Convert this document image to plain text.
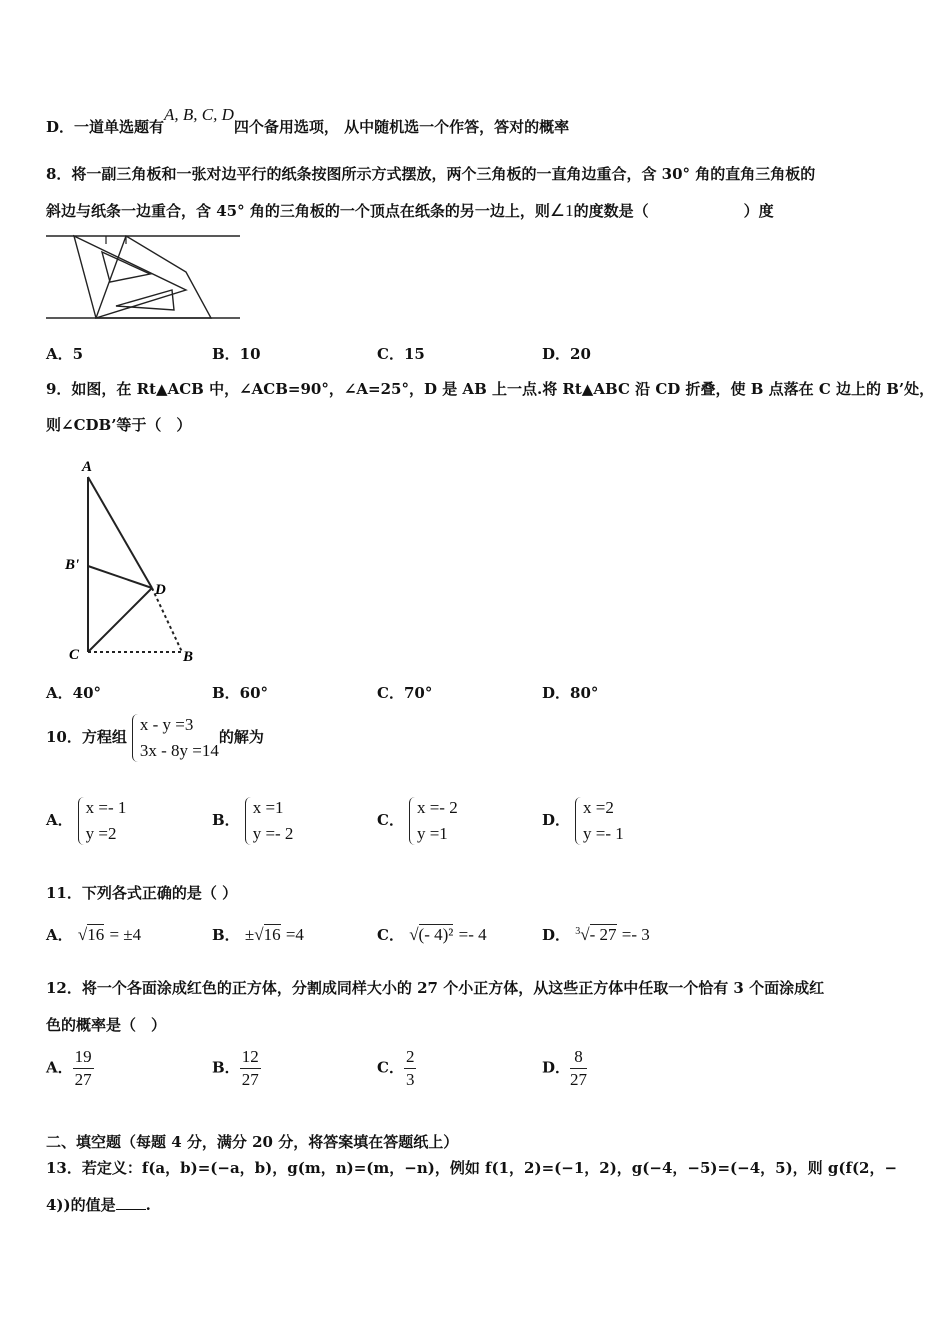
D．一道单选题有A, B, C, D四个备用选项， 从中随机选一个作答，答对的概率
8．将一副三角板和一张对边平行的纸条按图所示方式摆放，两个三角板的一直角边重合，含 30° 角的直角三角板的
斜边与纸条一边重合，含 45° 角的三角板的一个顶点在纸条的另一边上，则∠1的度数是（	）度
A．5	B．10	C．15	D．20
9．如图，在 Rt▲ACB 中，∠ACB=90°，∠A=25°，D 是 AB 上一点.将 Rt▲ABC 沿 CD 折叠，使 B 点落在 C 边上的 B’处，
则∠CDB’等于（　）
A
B'
D
C	B
A．40°	B．60°	C．70°	D．80°
10．方程组
x - y =3
3x - 8y =14
的解为
A．
x =- 1
y =2
B．
x =1
y =- 2
C．
x =- 2
y =1
D．
x =2
y =- 1
11．下列各式正确的是（ ）
A． √16 = ±4	B． ±√16 =4	C． √(- 4)² =- 4	D． $^3$√- 27 =- 3
12．将一个各面涂成红色的正方体，分割成同样大小的 27 个小正方体，从这些正方体中任取一个恰有 3 个面涂成红
色的概率是（　）
A． $\frac{19}{27}$	B． $\frac{12}{27}$	C． $\frac{2}{3}$	D． $\frac{8}{27}$
二、填空题（每题 4 分，满分 20 分，将答案填在答题纸上）
13．若定义：f(a，b)=(−a，b)，g(m，n)=(m，−n)，例如 f(1，2)=(−1，2)，g(−4，−5)=(−4，5)，则 g(f(2，−
4))的值是 .
